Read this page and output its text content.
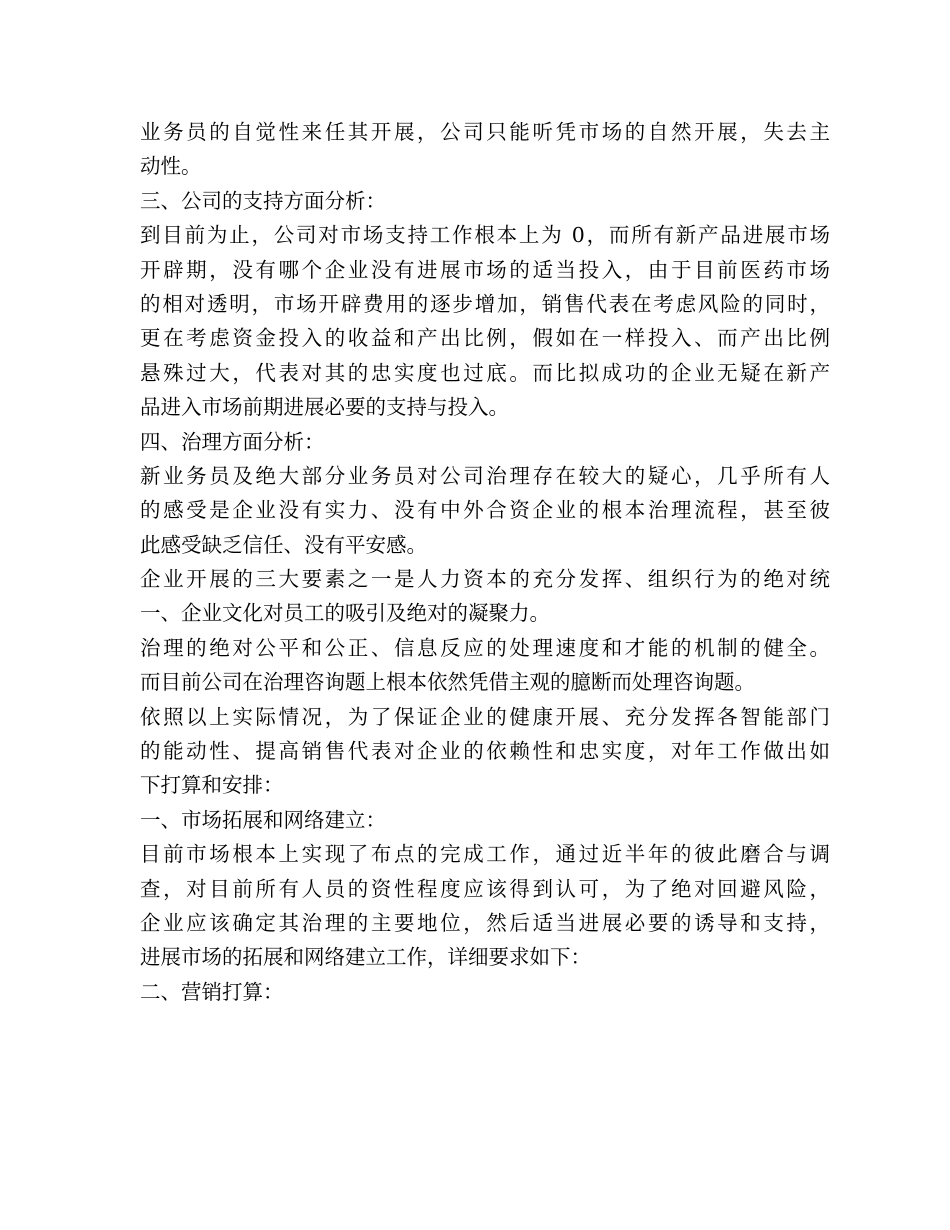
业务员的自觉性来任其开展，公司只能听凭市场的自然开展，失去主
动性。
三、公司的支持方面分析：
到目前为止，公司对市场支持工作根本上为 0，而所有新产品进展市场
开辟期，没有哪个企业没有进展市场的适当投入，由于目前医药市场
的相对透明，市场开辟费用的逐步增加，销售代表在考虑风险的同时，
更在考虑资金投入的收益和产出比例，假如在一样投入、而产出比例
悬殊过大，代表对其的忠实度也过底。而比拟成功的企业无疑在新产
品进入市场前期进展必要的支持与投入。
四、治理方面分析：
新业务员及绝大部分业务员对公司治理存在较大的疑心，几乎所有人
的感受是企业没有实力、没有中外合资企业的根本治理流程，甚至彼
此感受缺乏信任、没有平安感。
企业开展的三大要素之一是人力资本的充分发挥、组织行为的绝对统
一、企业文化对员工的吸引及绝对的凝聚力。
治理的绝对公平和公正、信息反应的处理速度和才能的机制的健全。
而目前公司在治理咨询题上根本依然凭借主观的臆断而处理咨询题。
依照以上实际情况，为了保证企业的健康开展、充分发挥各智能部门
的能动性、提高销售代表对企业的依赖性和忠实度，对年工作做出如
下打算和安排：
一、市场拓展和网络建立：
目前市场根本上实现了布点的完成工作，通过近半年的彼此磨合与调
查，对目前所有人员的资性程度应该得到认可，为了绝对回避风险，
企业应该确定其治理的主要地位，然后适当进展必要的诱导和支持，
进展市场的拓展和网络建立工作，详细要求如下：
二、营销打算：
